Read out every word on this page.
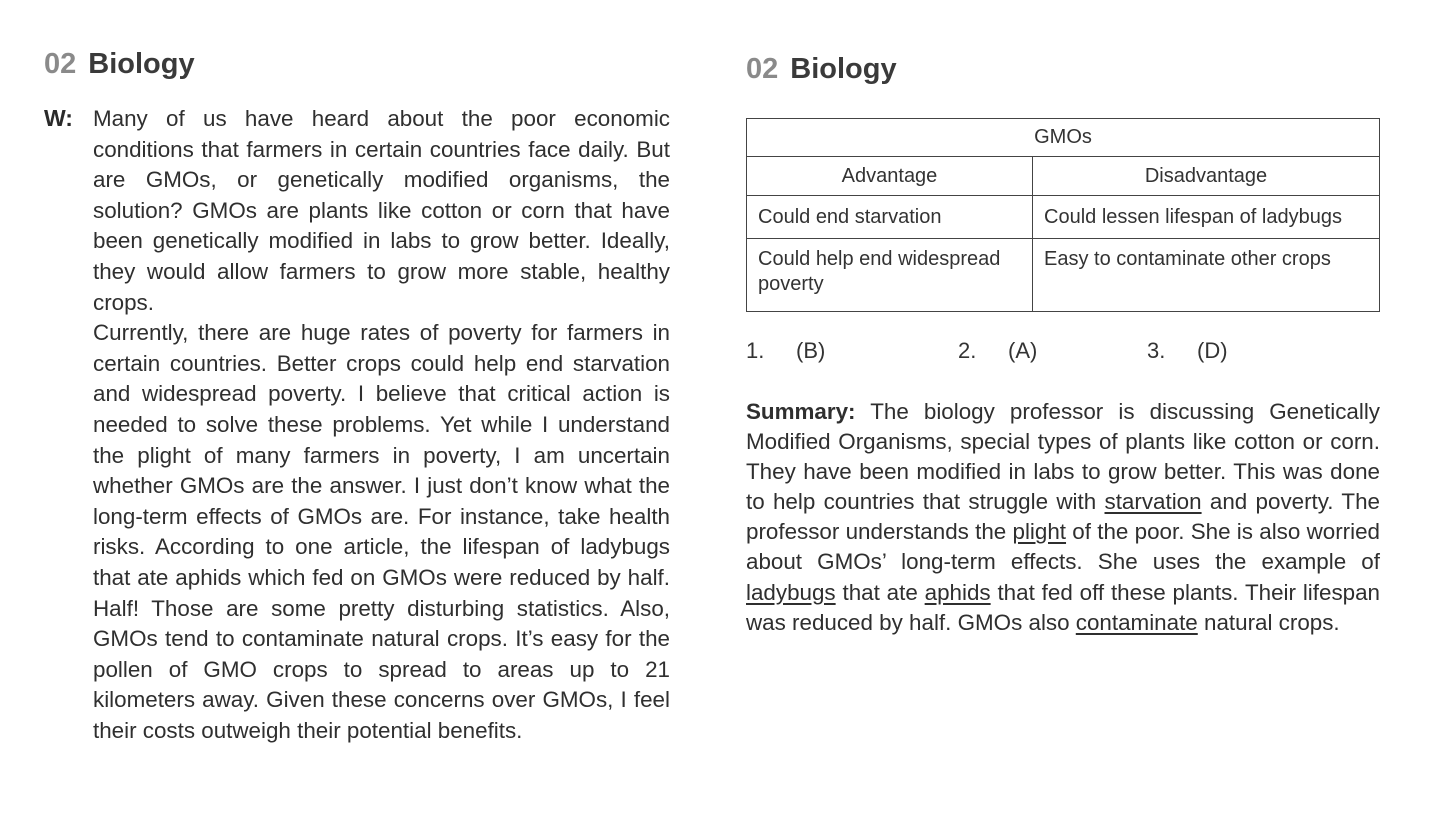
02 Biology
W: Many of us have heard about the poor economic conditions that farmers in certain countries face daily. But are GMOs, or genetically modified organisms, the solution? GMOs are plants like cotton or corn that have been genetically modified in labs to grow better. Ideally, they would allow farmers to grow more stable, healthy crops.

Currently, there are huge rates of poverty for farmers in certain countries. Better crops could help end starvation and widespread poverty. I believe that critical action is needed to solve these problems. Yet while I understand the plight of many farmers in poverty, I am uncertain whether GMOs are the answer. I just don’t know what the long-term effects of GMOs are. For instance, take health risks. According to one article, the lifespan of ladybugs that ate aphids which fed on GMOs were reduced by half. Half! Those are some pretty disturbing statistics. Also, GMOs tend to contaminate natural crops. It’s easy for the pollen of GMO crops to spread to areas up to 21 kilometers away. Given these concerns over GMOs, I feel their costs outweigh their potential benefits.

02 Biology
GMOs	
Advantage	Disadvantage
Could end starvation	Could lessen lifespan of ladybugs
Could help end widespread poverty	Easy to contaminate other crops
1. (B)	2. (A)	3. (D)
Summary: The biology professor is discussing Genetically Modified Organisms, special types of plants like cotton or corn. They have been modified in labs to grow better. This was done to help countries that struggle with starvation and poverty. The professor understands the plight of the poor. She is also worried about GMOs’ long-term effects. She uses the example of ladybugs that ate aphids that fed off these plants. Their lifespan was reduced by half. GMOs also contaminate natural crops.
